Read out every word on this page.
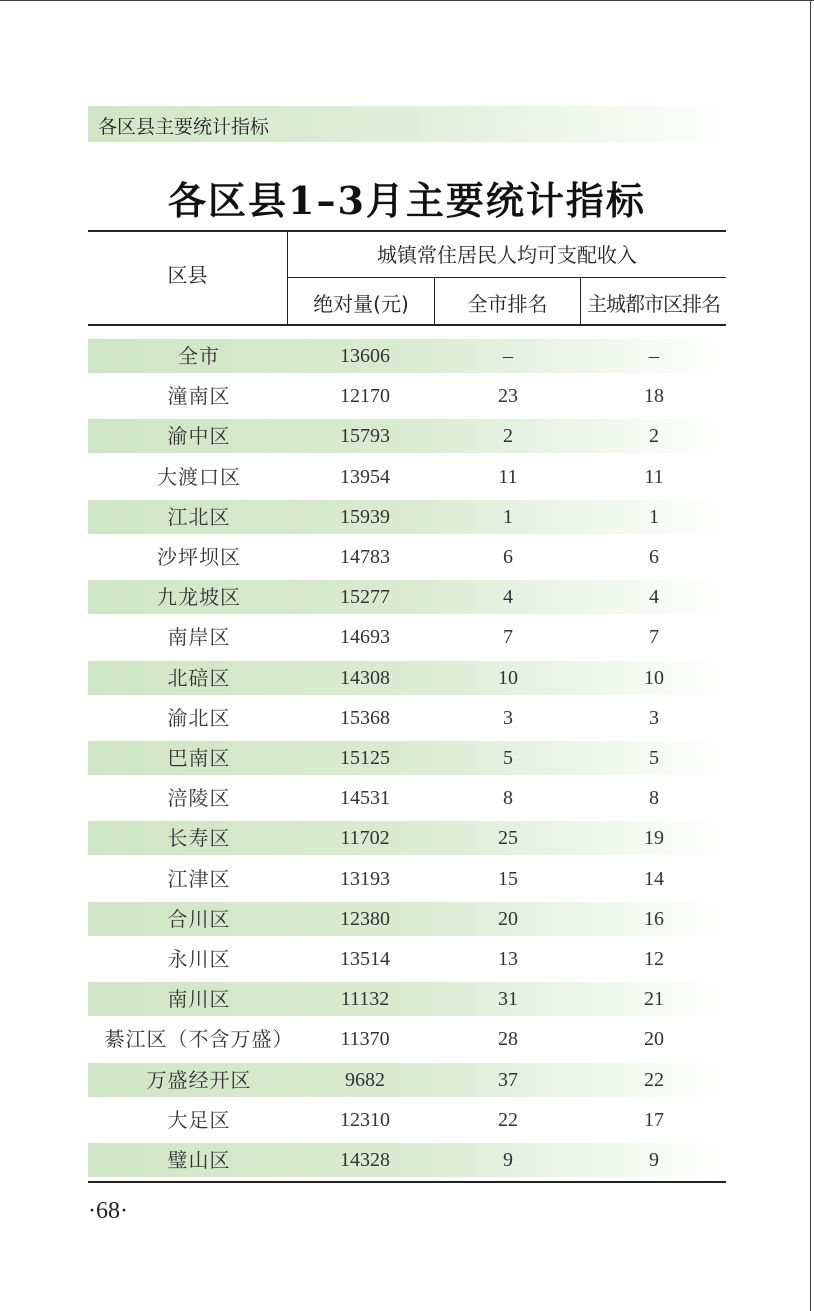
各区县主要统计指标
各区县1–3月主要统计指标
区县
城镇常住居民人均可支配收入
绝对量(元)	全市排名	主城都市区排名
全市	13606	–	–
潼南区	12170	23	18
渝中区	15793	2	2
大渡口区	13954	11	11
江北区	15939	1	1
沙坪坝区	14783	6	6
九龙坡区	15277	4	4
南岸区	14693	7	7
北碚区	14308	10	10
渝北区	15368	3	3
巴南区	15125	5	5
涪陵区	14531	8	8
长寿区	11702	25	19
江津区	13193	15	14
合川区	12380	20	16
永川区	13514	13	12
南川区	11132	31	21
綦江区（不含万盛）	11370	28	20
万盛经开区	9682	37	22
大足区	12310	22	17
璧山区	14328	9	9
·68·
